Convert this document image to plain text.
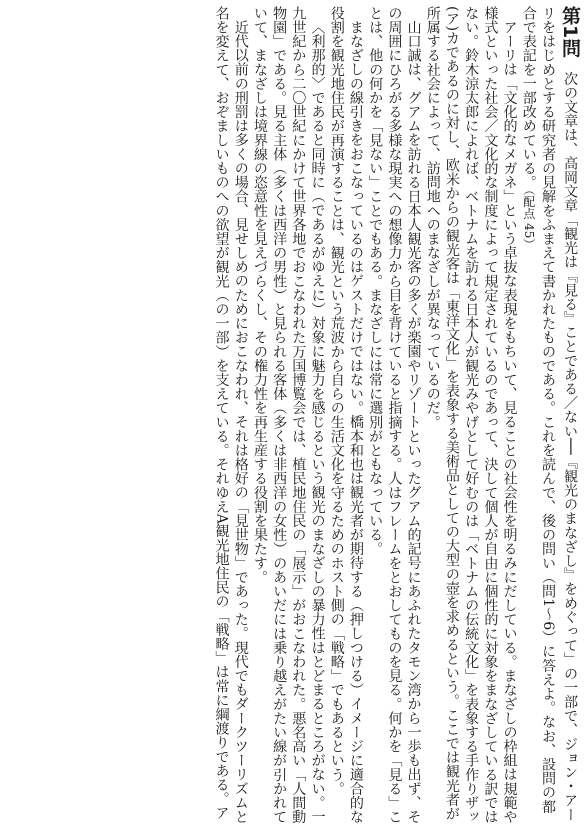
第1問　次の文章は、高岡文章「観光は『見る』ことである／ない──『観光のまなざし』をめぐって」の一部で、ジョン・アーリをはじめとする研究者の見解をふまえて書かれたものである。これを読んで、後の問い（問1〜6）に答えよ。なお、設問の都合で表記を一部改めている。（配点 45）

アーリは「文化的なメガネ」という卓抜な表現をもちいて、見ることの社会性を明るみにだしている。まなざしの枠組は規範や様式といった社会／文化的な制度によって規定されているのであって、決して個人が自由に個性的に対象をまなざしている訳ではない。鈴木涼太郎によれば、ベトナムを訪れる日本人が観光みやげとして好むのは「ベトナムの伝統文化」を表象する手作りザッ(ア)カであるのに対し、欧米からの観光客は「東洋文化」を表象する美術品としての大型の壺を求めるという。ここでは観光者が所属する社会によって、訪問地へのまなざしが異なっているのだ。

山口誠は、グアムを訪れる日本人観光客の多くが楽園やリゾートといったグアム的記号にあふれたタモン湾から一歩も出ず、その周囲にひろがる多様な現実への想像力から目を背けていると指摘する。人はフレームをとおしてものを見る。何かを「見る」ことは、他の何かを「見ない」ことでもある。まなざしには常に選別がともなっている。

まなざしの線引きをおこなっているのはゲストだけではない。橋本和也は観光者が期待する（押しつける）イメージに適合的な役割を観光地住民が再演することは、観光という荒波から自らの生活文化を守るためのホスト側の「戦略」でもあるという。

〈利那的〉であると同時に（であるがゆえに）対象に魅力を感じるという観光のまなざしの暴力性はとどまるところがない。一九世紀から二〇世紀にかけて世界各地でおこなわれた万国博覧会では、植民地住民の「展示」がおこなわれた。悪名高い「人間動物園」である。見る主体（多くは西洋の男性）と見られる客体（多くは非西洋の女性）のあいだには乗り越えがたい線が引かれていて、まなざしは境界線の恣意性を見えづらくし、その権力性を再生産する役割を果たす。

近代以前の刑罰は多くの場合、見せしめのためにおこなわれ、それは格好の「見世物」であった。現代でもダークツーリズムと名を変えて、おぞましいものへの欲望が観光（の一部）を支えている。それゆえA観光地住民の「戦略」は常に綱渡りである。ア
